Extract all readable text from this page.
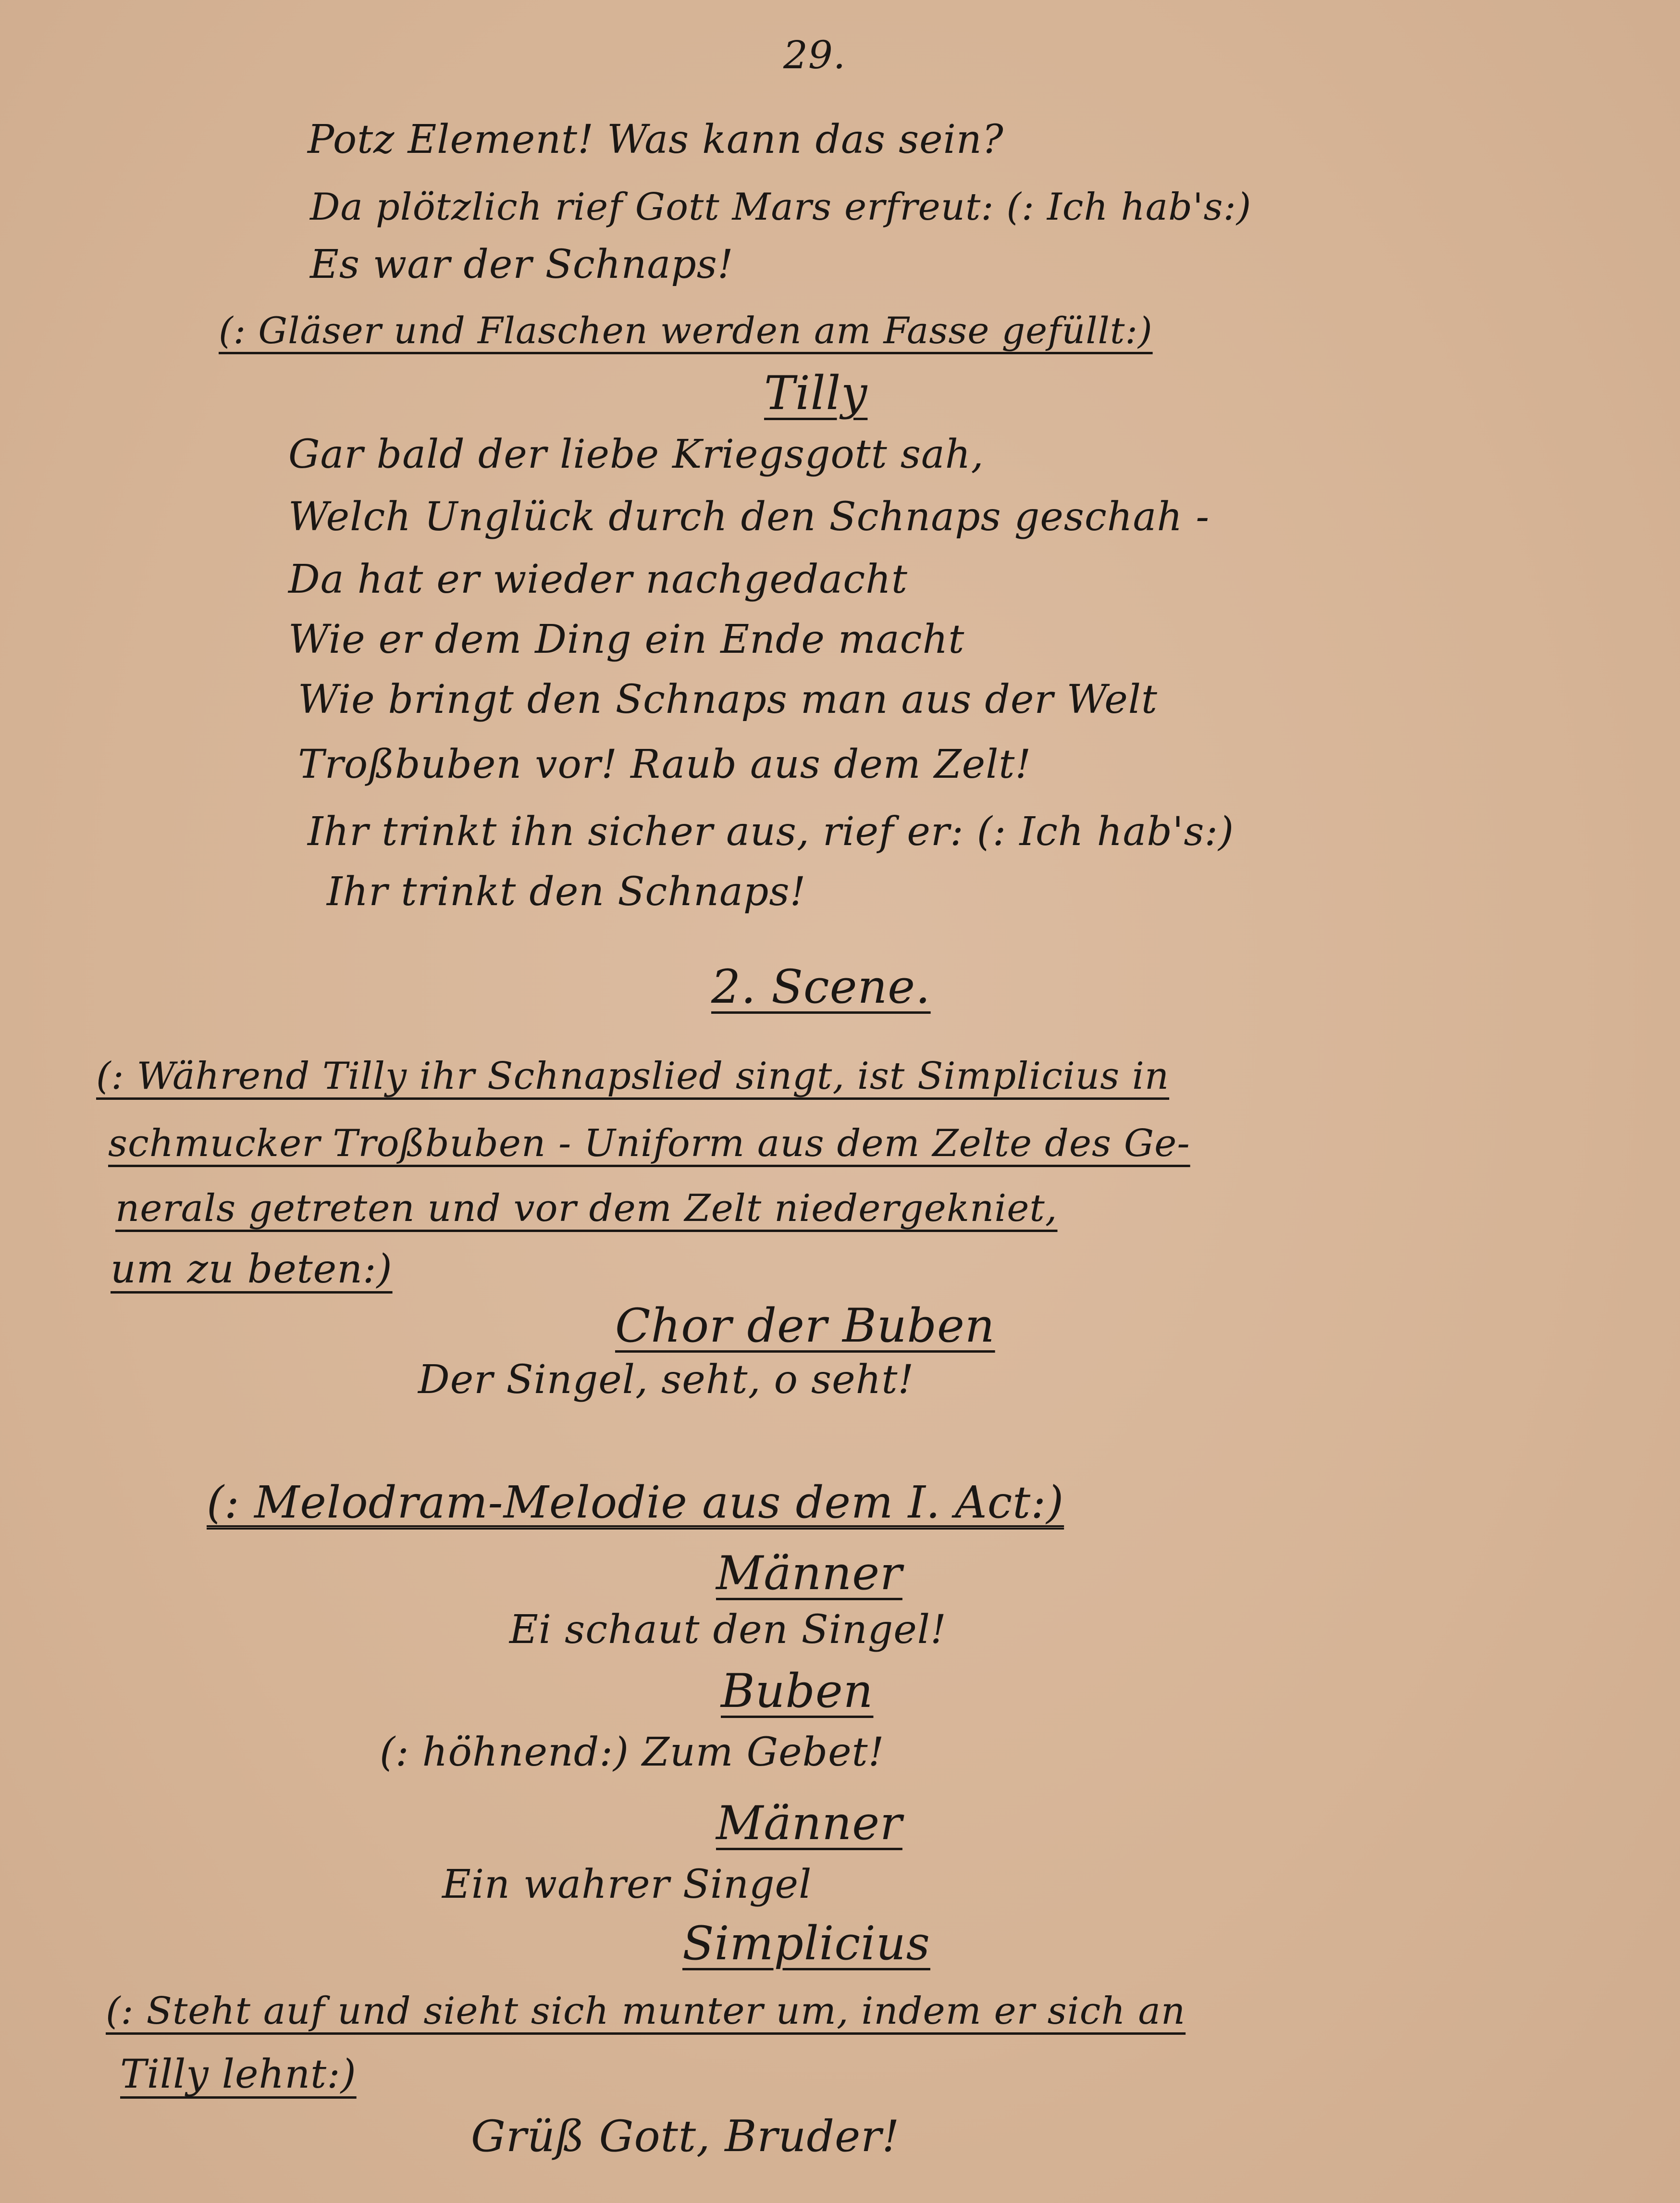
29.
Potz Element! Was kann das sein?
Da plötzlich rief Gott Mars erfreut: (: Ich hab's:)
Es war der Schnaps!
(: Gläser und Flaschen werden am Fasse gefüllt:)
Tilly
Gar bald der liebe Kriegsgott sah,
Welch Unglück durch den Schnaps geschah -
Da hat er wieder nachgedacht
Wie er dem Ding ein Ende macht
Wie bringt den Schnaps man aus der Welt
Troßbuben vor! Raub aus dem Zelt!
Ihr trinkt ihn sicher aus, rief er: (: Ich hab's:)
Ihr trinkt den Schnaps!
2. Scene.
(: Während Tilly ihr Schnapslied singt, ist Simplicius in
schmucker Troßbuben - Uniform aus dem Zelte des Ge-
nerals getreten und vor dem Zelt niedergekniet,
um zu beten:)
Chor der Buben
Der Singel, seht, o seht!
(: Melodram-Melodie aus dem I. Act:)
Männer
Ei schaut den Singel!
Buben
(: höhnend:) Zum Gebet!
Männer
Ein wahrer Singel
Simplicius
(: Steht auf und sieht sich munter um, indem er sich an
Tilly lehnt:)
Grüß Gott, Bruder!
